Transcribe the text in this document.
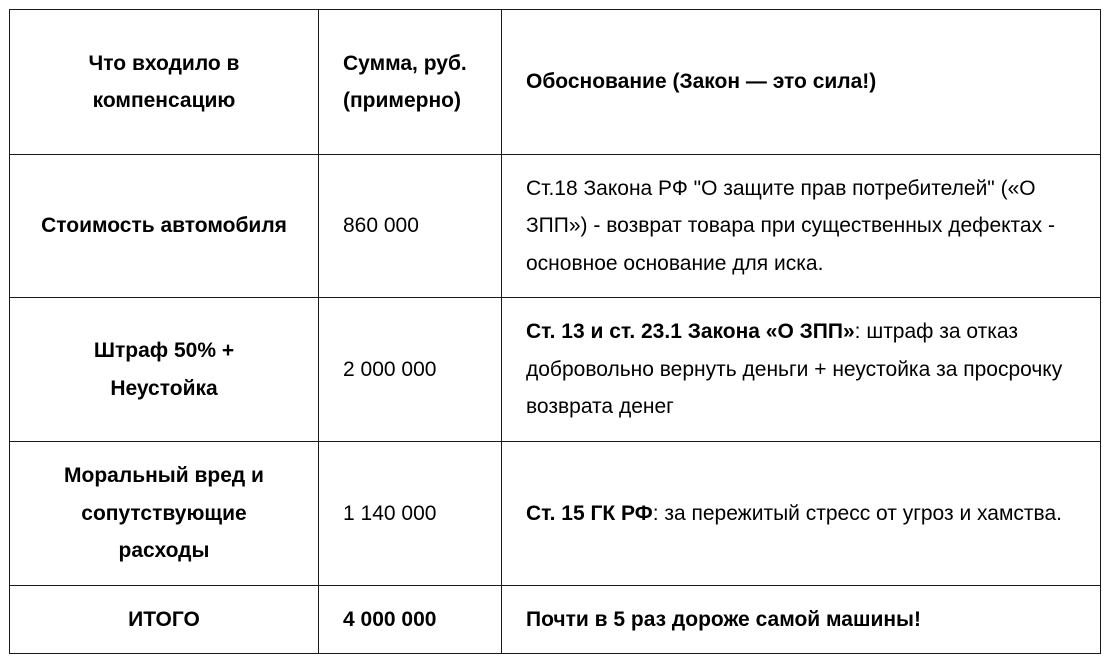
Что входило в компенсацию	Сумма, руб. (примерно)	Обоснование (Закон — это сила!)
Стоимость автомобиля	860 000	Ст.18 Закона РФ "О защите прав потребителей" («О ЗПП») - возврат товара при существенных дефектах - основное основание для иска.

Штраф 50% + Неустойка	2 000 000	Ст. 13 и ст. 23.1 Закона «О ЗПП»: штраф за отказ добровольно вернуть деньги + неустойка за просрочку возврата денег

Моральный вред и сопутствующие расходы	1 140 000	Ст. 15 ГК РФ: за пережитый стресс от угроз и хамства.
ИТОГО	4 000 000	Почти в 5 раз дороже самой машины!
